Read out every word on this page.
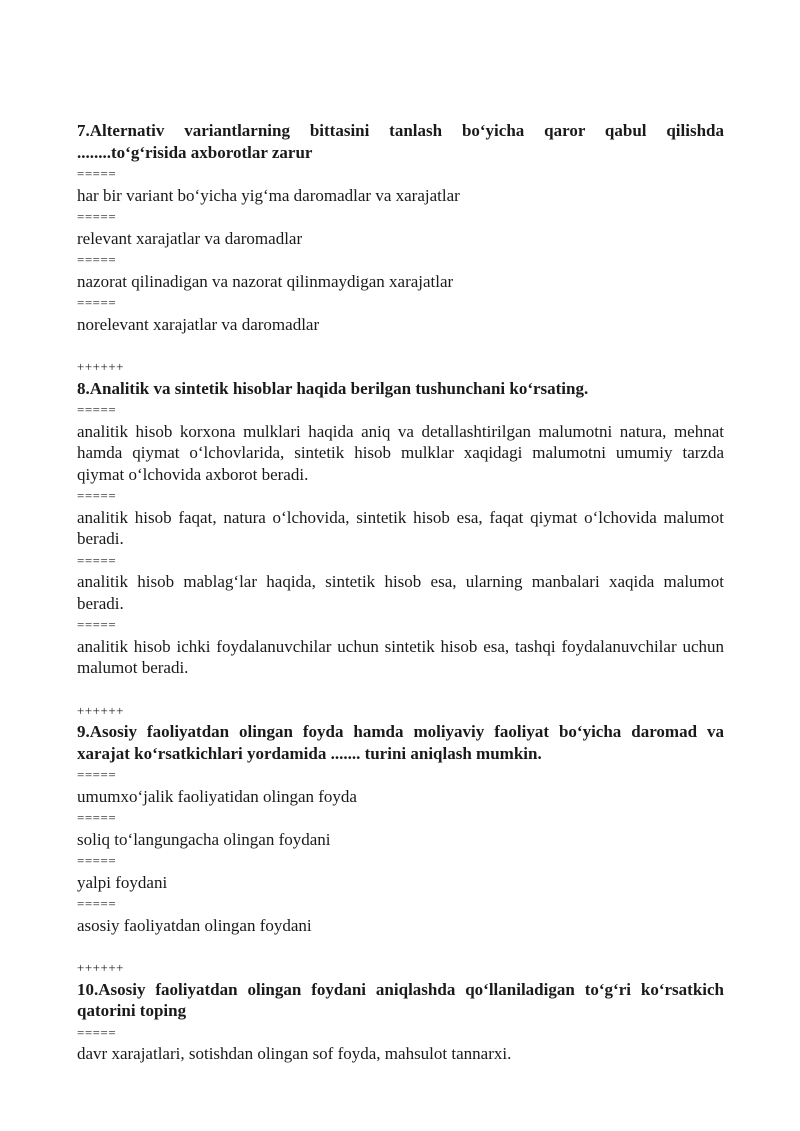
7.Alternativ variantlarning bittasini tanlash boʻyicha qaror qabul qilishda ........toʻgʻrisida axborotlar zarur

=====

har bir variant boʻyicha yigʻma daromadlar va xarajatlar

=====

relevant xarajatlar va daromadlar

=====

nazorat qilinadigan va nazorat qilinmaydigan xarajatlar

=====

norelevant xarajatlar va daromadlar

++++++

8.Analitik va sintetik hisoblar haqida berilgan tushunchani koʻrsating.

=====

analitik hisob korxona mulklari haqida aniq va detallashtirilgan malumotni natura, mehnat hamda qiymat oʻlchovlarida, sintetik hisob mulklar xaqidagi malumotni umumiy tarzda qiymat oʻlchovida axborot beradi.

=====

analitik hisob faqat, natura oʻlchovida, sintetik hisob esa, faqat qiymat oʻlchovida malumot beradi.

=====

analitik hisob mablagʻlar haqida, sintetik hisob esa, ularning manbalari xaqida malumot beradi.

=====

analitik hisob ichki foydalanuvchilar uchun sintetik hisob esa, tashqi foydalanuvchilar uchun malumot beradi.

++++++

9.Asosiy faoliyatdan olingan foyda hamda moliyaviy faoliyat boʻyicha daromad va xarajat koʻrsatkichlari yordamida ....... turini aniqlash mumkin.

=====

umumxoʻjalik faoliyatidan olingan foyda

=====

soliq toʻlangungacha olingan foydani

=====

yalpi foydani

=====

asosiy faoliyatdan olingan foydani

++++++

10.Asosiy faoliyatdan olingan foydani aniqlashda qoʻllaniladigan toʻgʻri koʻrsatkich qatorini toping

=====

davr xarajatlari, sotishdan olingan sof foyda, mahsulot tannarxi.
